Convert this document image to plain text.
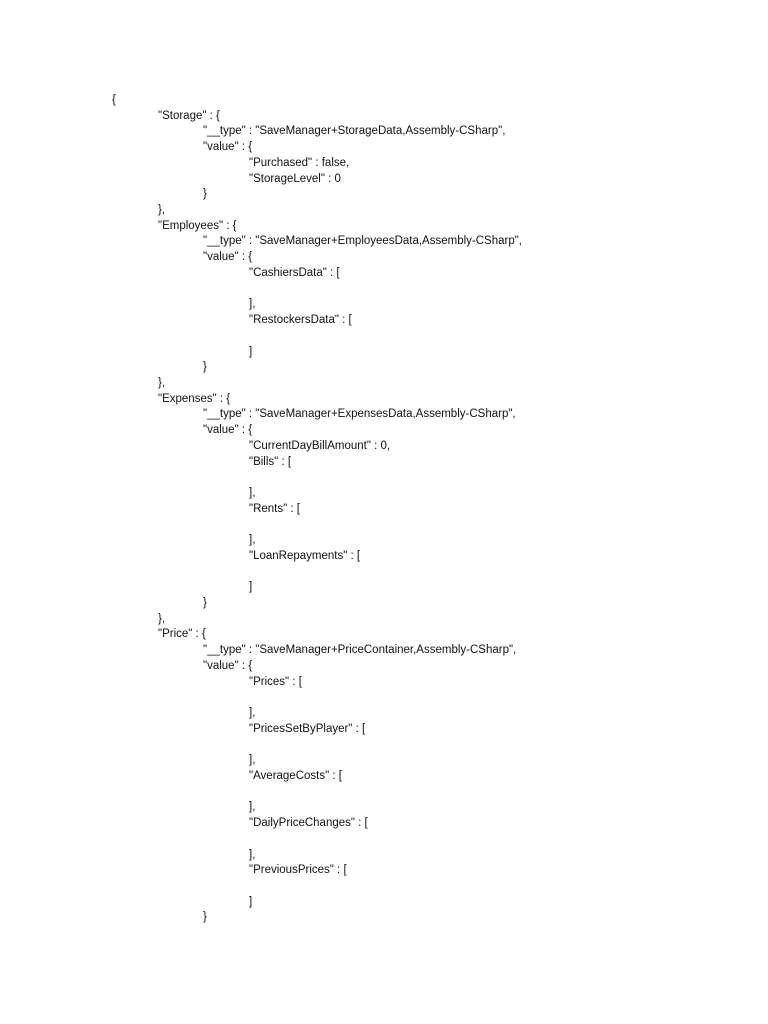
{
"Storage" : {
"__type" : "SaveManager+StorageData,Assembly-CSharp",
"value" : {
"Purchased" : false,
"StorageLevel" : 0
}
},
"Employees" : {
"__type" : "SaveManager+EmployeesData,Assembly-CSharp",
"value" : {
"CashiersData" : [
],
"RestockersData" : [
]
}
},
"Expenses" : {
"__type" : "SaveManager+ExpensesData,Assembly-CSharp",
"value" : {
"CurrentDayBillAmount" : 0,
"Bills" : [
],
"Rents" : [
],
"LoanRepayments" : [
]
}
},
"Price" : {
"__type" : "SaveManager+PriceContainer,Assembly-CSharp",
"value" : {
"Prices" : [
],
"PricesSetByPlayer" : [
],
"AverageCosts" : [
],
"DailyPriceChanges" : [
],
"PreviousPrices" : [
]
}
